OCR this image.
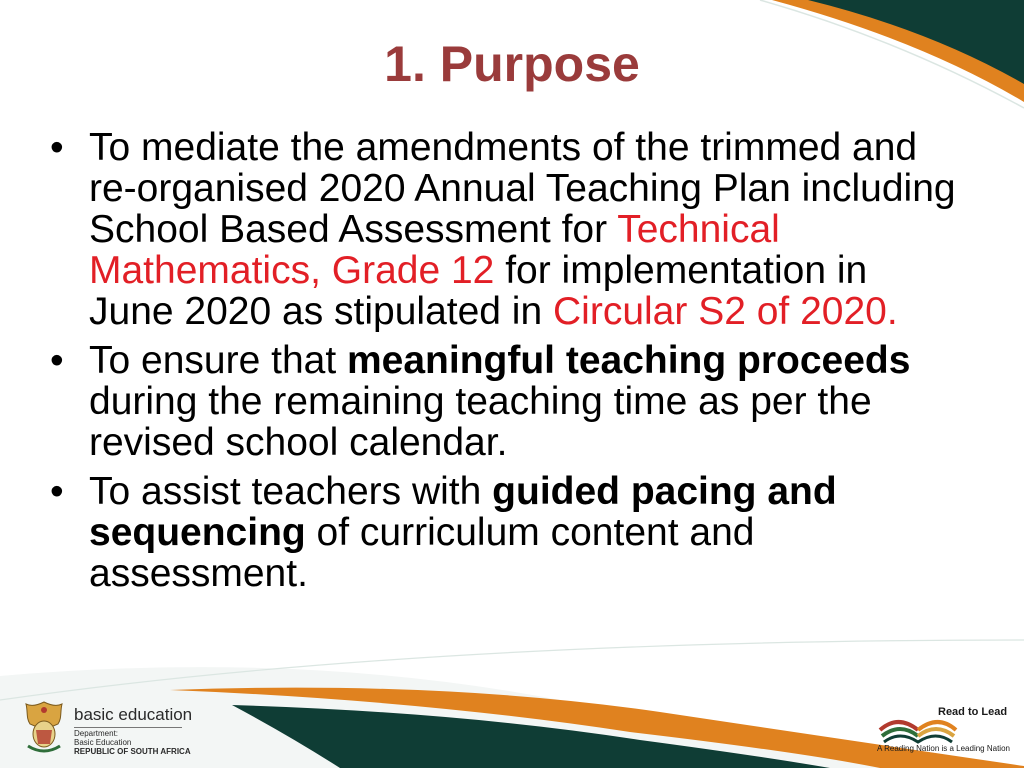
1. Purpose
• To mediate the amendments of the trimmed and re-organised 2020 Annual Teaching Plan including School Based Assessment for Technical Mathematics, Grade 12 for implementation in June 2020 as stipulated in Circular S2 of 2020.
• To ensure that meaningful teaching proceeds during the remaining teaching time as per the revised school calendar.
• To assist teachers with guided pacing and sequencing of curriculum content and assessment.
basic education
Department:
Basic Education
REPUBLIC OF SOUTH AFRICA
Read to Lead
A Reading Nation is a Leading Nation
